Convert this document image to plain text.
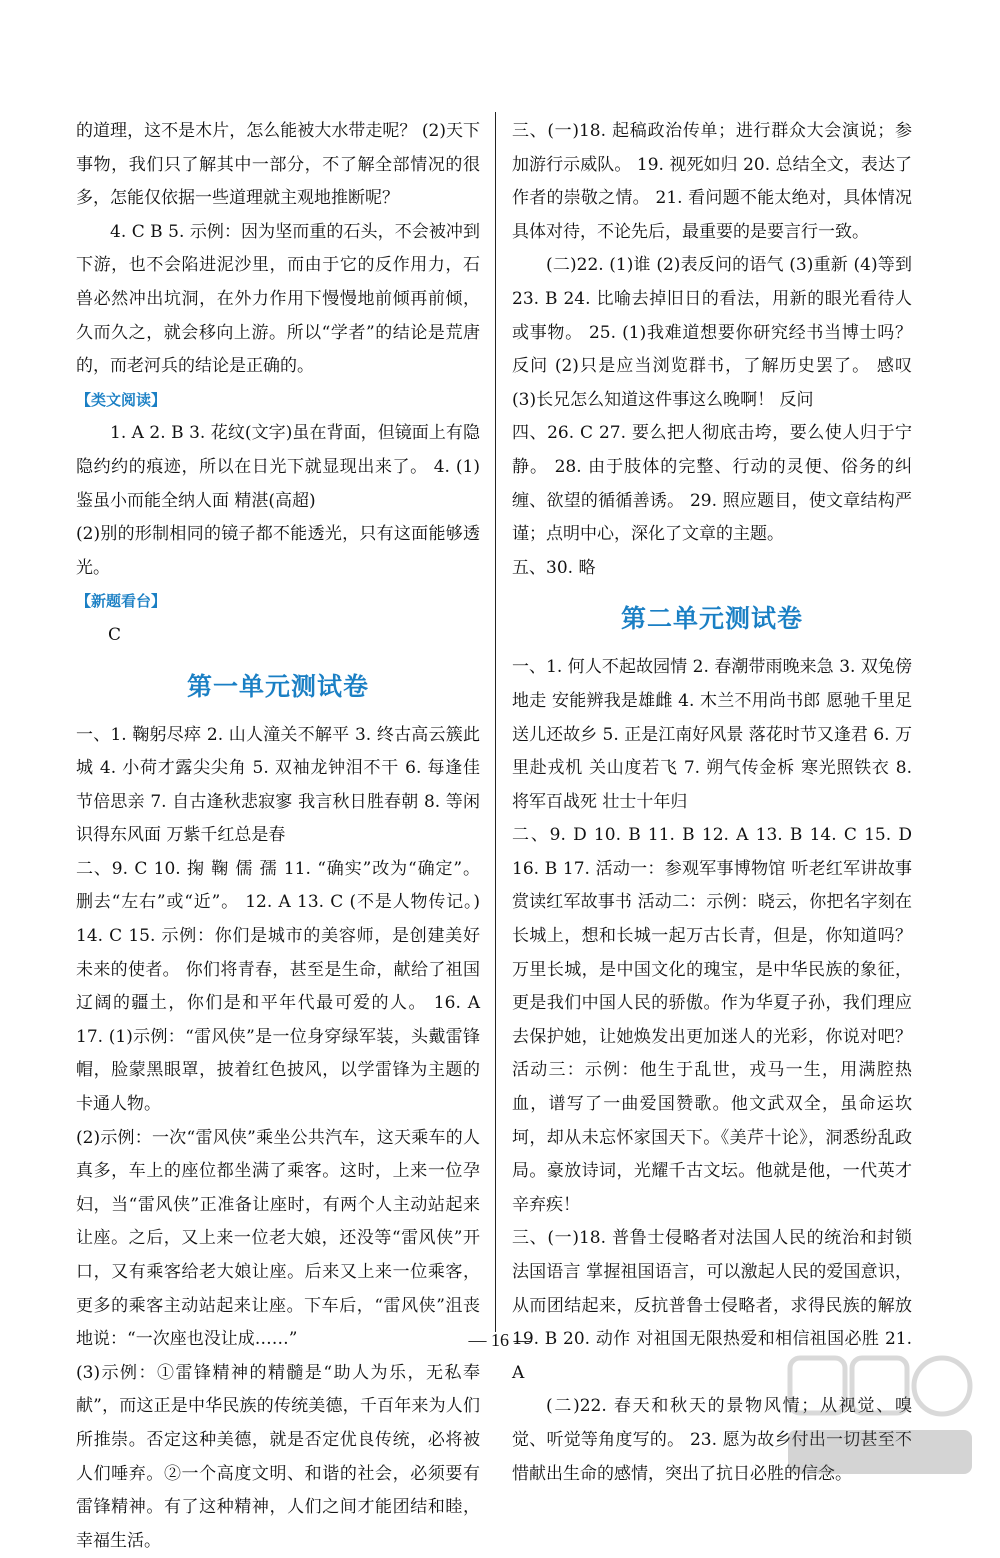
的道理，这不是木片，怎么能被大水带走呢？ (2)天下事物，我们只了解其中一部分，不了解全部情况的很多，怎能仅依据一些道理就主观地推断呢？

4. C B 5. 示例：因为坚而重的石头，不会被冲到下游，也不会陷进泥沙里，而由于它的反作用力，石兽必然冲出坑洞，在外力作用下慢慢地前倾再前倾，久而久之，就会移向上游。所以“学者”的结论是荒唐的，而老河兵的结论是正确的。

【类文阅读】

1. A 2. B 3. 花纹(文字)虽在背面，但镜面上有隐隐约约的痕迹，所以在日光下就显现出来了。 4. (1)鉴虽小而能全纳人面 精湛(高超)

(2)别的形制相同的镜子都不能透光，只有这面能够透光。

【新题看台】

C

第一单元测试卷

一、1. 鞠躬尽瘁 2. 山人潼关不解平 3. 终古高云簇此城 4. 小荷才露尖尖角 5. 双袖龙钟泪不干 6. 每逢佳节倍思亲 7. 自古逢秋悲寂寥 我言秋日胜春朝 8. 等闲识得东风面 万紫千红总是春

二、9. C 10. 掬 鞠 儒 孺 11. “确实”改为“确定”。 删去“左右”或“近”。 12. A 13. C (不是人物传记。) 14. C 15. 示例：你们是城市的美容师，是创建美好未来的使者。 你们将青春，甚至是生命，献给了祖国辽阔的疆土，你们是和平年代最可爱的人。 16. A 17. (1)示例：“雷风侠”是一位身穿绿军装，头戴雷锋帽，脸蒙黑眼罩，披着红色披风，以学雷锋为主题的卡通人物。

(2)示例：一次“雷风侠”乘坐公共汽车，这天乘车的人真多，车上的座位都坐满了乘客。这时，上来一位孕妇，当“雷风侠”正准备让座时，有两个人主动站起来让座。之后，又上来一位老大娘，还没等“雷风侠”开口，又有乘客给老大娘让座。后来又上来一位乘客，更多的乘客主动站起来让座。下车后，“雷风侠”沮丧地说：“一次座也没让成……”

(3)示例：①雷锋精神的精髓是“助人为乐，无私奉献”，而这正是中华民族的传统美德，千百年来为人们所推崇。否定这种美德，就是否定优良传统，必将被人们唾弃。②一个高度文明、和谐的社会，必须要有雷锋精神。有了这种精神，人们之间才能团结和睦，幸福生活。

三、(一)18. 起稿政治传单；进行群众大会演说；参加游行示威队。 19. 视死如归 20. 总结全文，表达了作者的崇敬之情。 21. 看问题不能太绝对，具体情况具体对待，不论先后，最重要的是要言行一致。

(二)22. (1)谁 (2)表反问的语气 (3)重新 (4)等到 23. B 24. 比喻去掉旧日的看法，用新的眼光看待人或事物。 25. (1)我难道想要你研究经书当博士吗？ 反问 (2)只是应当浏览群书，了解历史罢了。 感叹 (3)长兄怎么知道这件事这么晚啊！ 反问

四、26. C 27. 要么把人彻底击垮，要么使人归于宁静。 28. 由于肢体的完整、行动的灵便、俗务的纠缠、欲望的循循善诱。 29. 照应题目，使文章结构严谨；点明中心，深化了文章的主题。

五、30. 略

第二单元测试卷

一、1. 何人不起故园情 2. 春潮带雨晚来急 3. 双兔傍地走 安能辨我是雄雌 4. 木兰不用尚书郎 愿驰千里足 送儿还故乡 5. 正是江南好风景 落花时节又逢君 6. 万里赴戎机 关山度若飞 7. 朔气传金柝 寒光照铁衣 8. 将军百战死 壮士十年归

二、9. D 10. B 11. B 12. A 13. B 14. C 15. D 16. B 17. 活动一：参观军事博物馆 听老红军讲故事 赏读红军故事书 活动二：示例：晓云，你把名字刻在长城上，想和长城一起万古长青，但是，你知道吗？万里长城，是中国文化的瑰宝，是中华民族的象征，更是我们中国人民的骄傲。作为华夏子孙，我们理应去保护她，让她焕发出更加迷人的光彩，你说对吧？ 活动三：示例：他生于乱世，戎马一生，用满腔热血，谱写了一曲爱国赞歌。他文武双全，虽命运坎坷，却从未忘怀家国天下。《美芹十论》，洞悉纷乱政局。豪放诗词，光耀千古文坛。他就是他，一代英才辛弃疾！

三、(一)18. 普鲁士侵略者对法国人民的统治和封锁 法国语言 掌握祖国语言，可以激起人民的爱国意识，从而团结起来，反抗普鲁士侵略者，求得民族的解放 19. B 20. 动作 对祖国无限热爱和相信祖国必胜 21. A

(二)22. 春天和秋天的景物风情；从视觉、嗅觉、听觉等角度写的。 23. 愿为故乡付出一切甚至不惜献出生命的感情，突出了抗日必胜的信念。

— 16 —
